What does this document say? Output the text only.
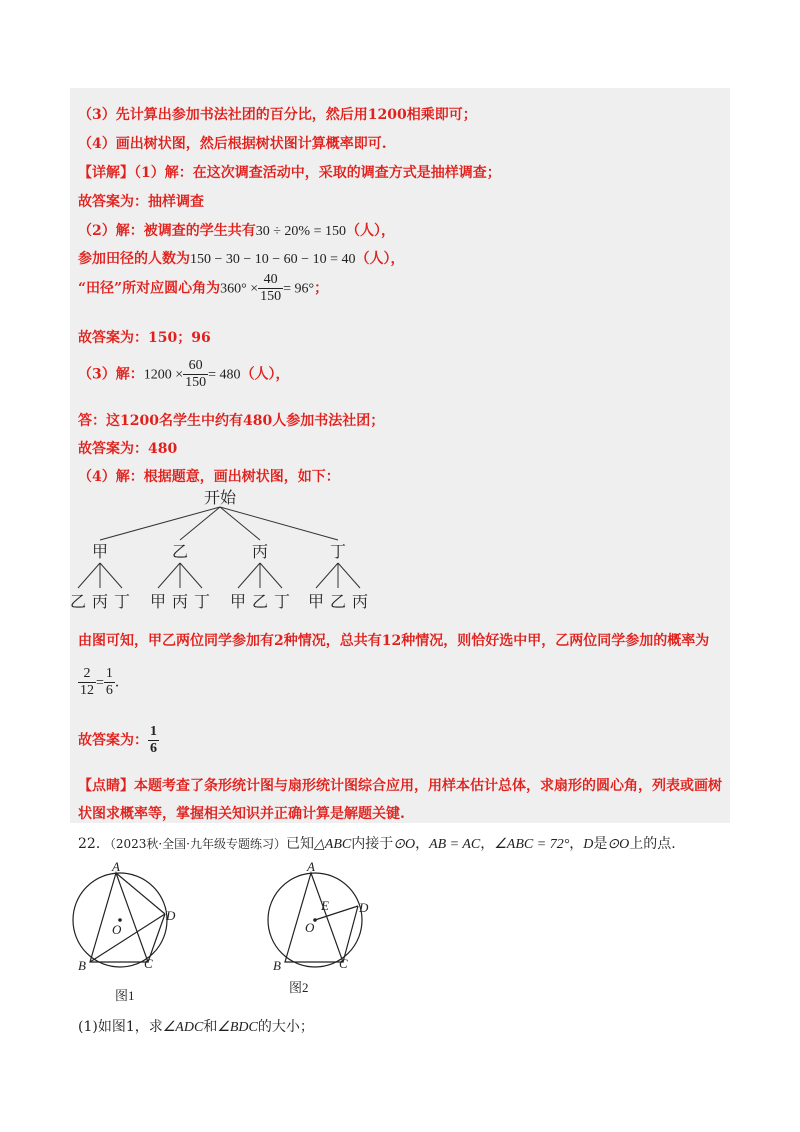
（3）先计算出参加书法社团的百分比，然后用1200相乘即可；
（4）画出树状图，然后根据树状图计算概率即可.
【详解】（1）解：在这次调查活动中，采取的调查方式是抽样调查；
故答案为：抽样调查
（2）解：被调查的学生共有30 ÷ 20% = 150（人），
参加田径的人数为150 − 30 − 10 − 60 − 10 = 40（人），
“田径”所对应圆心角为$360^\circ \times \frac{40}{150} = 96^\circ$；
故答案为：150；96
（3）解：$1200 \times \frac{60}{150} = 480$（人），
答：这1200名学生中约有480人参加书法社团；
故答案为：480
（4）解：根据题意，画出树状图，如下：
开始
甲	乙	丙	丁
乙 丙 丁 甲 丙 丁 甲 乙 丁 甲 乙 丙
由图可知，甲乙两位同学参加有2种情况，总共有12种情况，则恰好选中甲，乙两位同学参加的概率为
$\frac{2}{12} = \frac{1}{6}$ ．
故答案为： $\frac{1}{6}$
【点睛】本题考查了条形统计图与扇形统计图综合应用，用样本估计总体，求扇形的圆心角，列表或画树
状图求概率等，掌握相关知识并正确计算是解题关键.
22．（2023秋·全国·九年级专题练习）已知△ABC内接于⊙O，AB = AC，∠ABC = 72°，D是⊙O上的点.
A
B	C
D
O
图1
A
B	C
D
E
O
图2
(1)如图1，求∠ADC和∠BDC的大小；
